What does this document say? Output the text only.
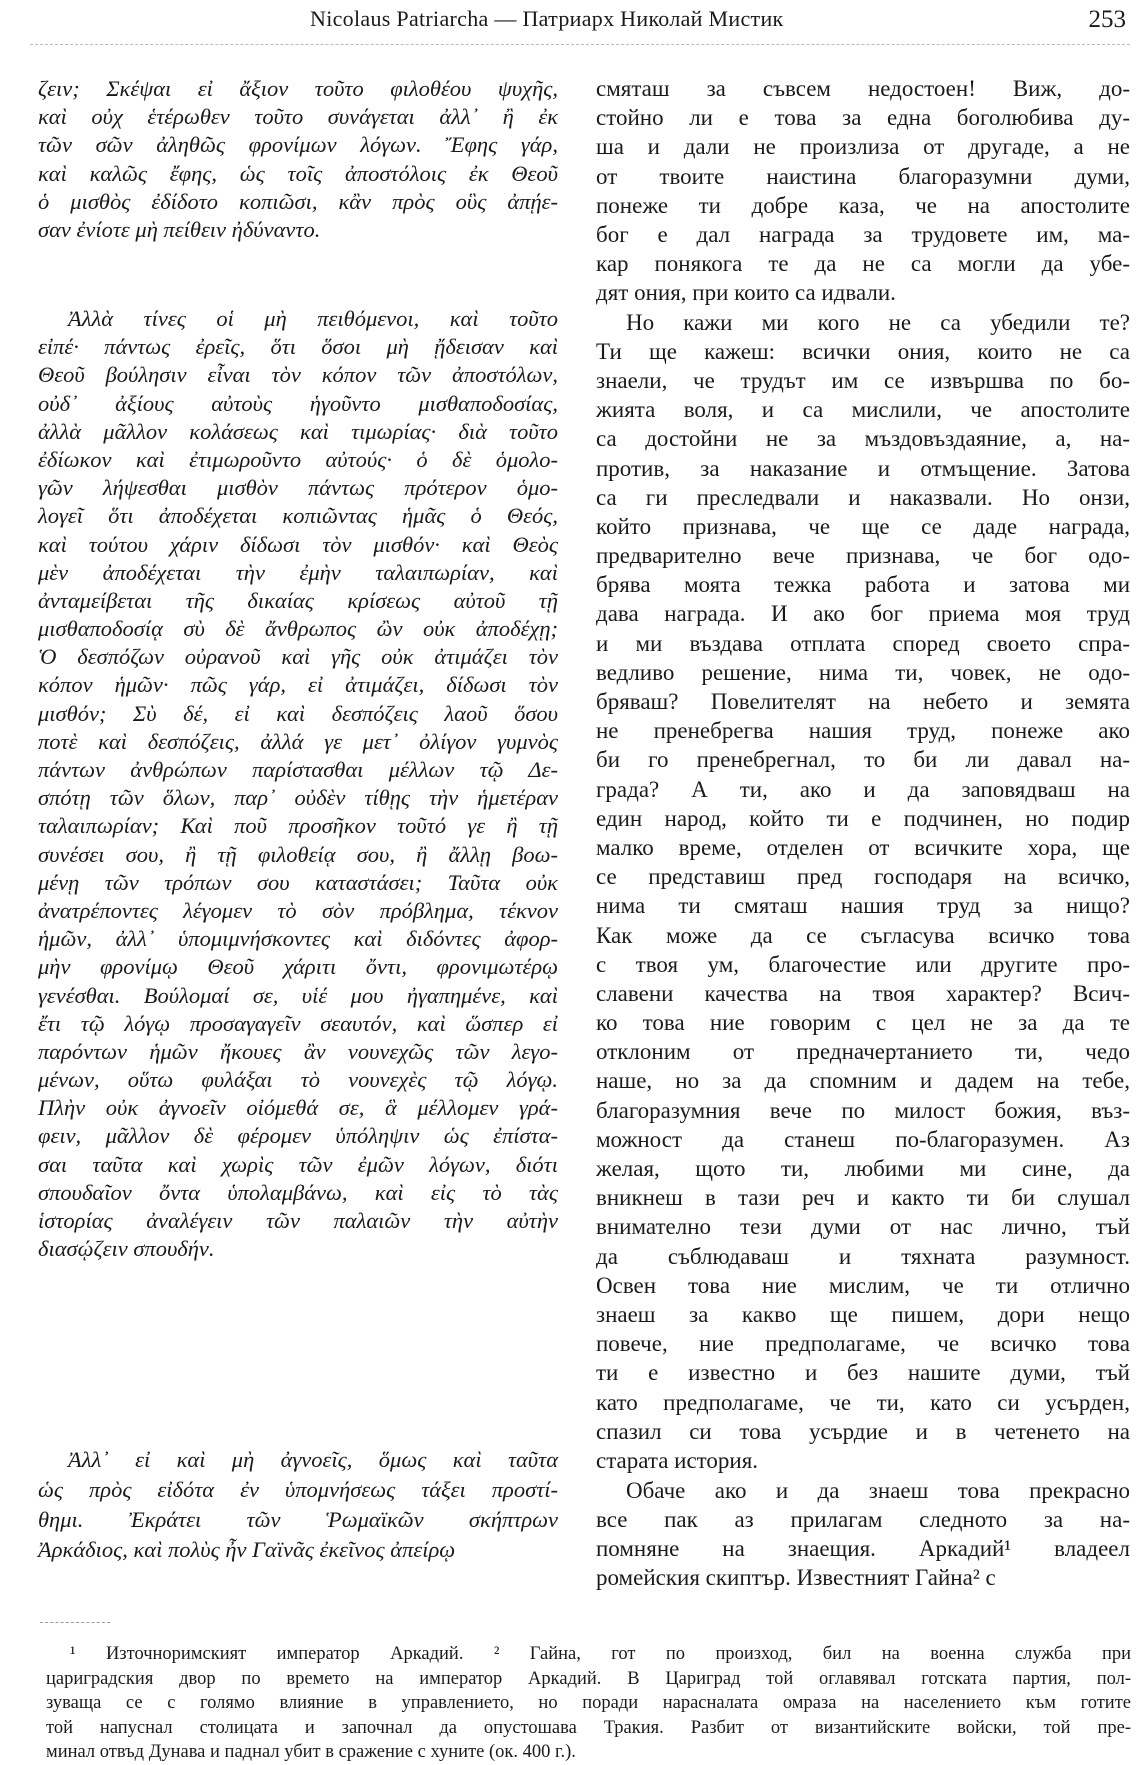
Nicolaus Patriarcha — Патриарх Николай Мистик	253
ζειν; Σκέψαι εἰ ἄξιον τοῦτο φιλοθέου ψυχῆς,
καὶ οὐχ ἑτέρωθεν τοῦτο συνάγεται ἀλλ᾽ ἢ ἐκ
τῶν σῶν ἀληθῶς φρονίμων λόγων. Ἔφης γάρ,
καὶ καλῶς ἔφης, ὡς τοῖς ἀποστόλοις ἐκ Θεοῦ
ὁ μισθὸς ἐδίδοτο κοπιῶσι, κἂν πρὸς οὓς ἀπῄε-
σαν ἐνίοτε μὴ πείθειν ἠδύναντο.
Ἀλλὰ τίνες οἱ μὴ πειθόμενοι, καὶ τοῦτο
εἰπέ· πάντως ἐρεῖς, ὅτι ὅσοι μὴ ᾔδεισαν καὶ
Θεοῦ βούλησιν εἶναι τὸν κόπον τῶν ἀποστόλων,
οὐδ᾽ ἀξίους αὐτοὺς ἡγοῦντο μισθαποδοσίας,
ἀλλὰ μᾶλλον κολάσεως καὶ τιμωρίας· διὰ τοῦτο
ἐδίωκον καὶ ἐτιμωροῦντο αὐτούς· ὁ δὲ ὁμολο-
γῶν λήψεσθαι μισθὸν πάντως πρότερον ὁμο-
λογεῖ ὅτι ἀποδέχεται κοπιῶντας ἡμᾶς ὁ Θεός,
καὶ τούτου χάριν δίδωσι τὸν μισθόν· καὶ Θεὸς
μὲν ἀποδέχεται τὴν ἐμὴν ταλαιπωρίαν, καὶ
ἀνταμείβεται τῆς δικαίας κρίσεως αὐτοῦ τῇ
μισθαποδοσίᾳ σὺ δὲ ἄνθρωπος ὢν οὐκ ἀποδέχῃ;
Ὁ δεσπόζων οὐρανοῦ καὶ γῆς οὐκ ἀτιμάζει τὸν
κόπον ἡμῶν· πῶς γάρ, εἰ ἀτιμάζει, δίδωσι τὸν
μισθόν; Σὺ δέ, εἰ καὶ δεσπόζεις λαοῦ ὅσου
ποτὲ καὶ δεσπόζεις, ἀλλά γε μετ᾽ ὀλίγον γυμνὸς
πάντων ἀνθρώπων παρίστασθαι μέλλων τῷ Δε-
σπότῃ τῶν ὅλων, παρ᾽ οὐδὲν τίθῃς τὴν ἡμετέραν
ταλαιπωρίαν; Καὶ ποῦ προσῆκον τοῦτό γε ἢ τῇ
συνέσει σου, ἢ τῇ φιλοθείᾳ σου, ἢ ἄλλῃ βοω-
μένῃ τῶν τρόπων σου καταστάσει; Ταῦτα οὐκ
ἀνατρέποντες λέγομεν τὸ σὸν πρόβλημα, τέκνον
ἡμῶν, ἀλλ᾽ ὑπομιμνήσκοντες καὶ διδόντες ἀφορ-
μὴν φρονίμῳ Θεοῦ χάριτι ὄντι, φρονιμωτέρῳ
γενέσθαι. Βούλομαί σε, υἱέ μου ἠγαπημένε, καὶ
ἔτι τῷ λόγῳ προσαγαγεῖν σεαυτόν, καὶ ὥσπερ εἰ
παρόντων ἡμῶν ἤκουες ἂν νουνεχῶς τῶν λεγο-
μένων, οὕτω φυλάξαι τὸ νουνεχὲς τῷ λόγῳ.
Πλὴν οὐκ ἀγνοεῖν οἰόμεθά σε, ἃ μέλλομεν γρά-
φειν, μᾶλλον δὲ φέρομεν ὑπόληψιν ὡς ἐπίστα-
σαι ταῦτα καὶ χωρὶς τῶν ἐμῶν λόγων, διότι
σπουδαῖον ὄντα ὑπολαμβάνω, καὶ εἰς τὸ τὰς
ἱστορίας ἀναλέγειν τῶν παλαιῶν τὴν αὐτὴν
διασῴζειν σπουδήν.
Ἀλλ᾽ εἰ καὶ μὴ ἀγνοεῖς, ὅμως καὶ ταῦτα
ὡς πρὸς εἰδότα ἐν ὑπομνήσεως τάξει προστί-
θημι. Ἐκράτει τῶν Ῥωμαϊκῶν σκήπτρων
Ἀρκάδιος, καὶ πολὺς ἦν Γαϊνᾶς ἐκεῖνος ἀπείρῳ
смяташ за съвсем недостоен! Виж, до-
стойно ли е това за една боголюбива ду-
ша и дали не произлиза от другаде, а не
от твоите наистина благоразумни думи,
понеже ти добре каза, че на апостолите
бог е дал награда за трудовете им, ма-
кар понякога те да не са могли да убе-
дят ония, при които са идвали.
Но кажи ми кого не са убедили те?
Ти ще кажеш: всички ония, които не са
знаели, че трудът им се извършва по бо-
жията воля, и са мислили, че апостолите
са достойни не за мъздовъздаяние, а, на-
против, за наказание и отмъщение. Затова
са ги преследвали и наказвали. Но онзи,
който признава, че ще се даде награда,
предварително вече признава, че бог одо-
брява моята тежка работа и затова ми
дава награда. И ако бог приема моя труд
и ми въздава отплата според своето спра-
ведливо решение, нима ти, човек, не одо-
бряваш? Повелителят на небето и земята
не пренебрегва нашия труд, понеже ако
би го пренебрегнал, то би ли давал на-
града? А ти, ако и да заповядваш на
един народ, който ти е подчинен, но подир
малко време, отделен от всичките хора, ще
се представиш пред господаря на всичко,
нима ти смяташ нашия труд за нищо?
Как може да се съгласува всичко това
с твоя ум, благочестие или другите про-
славени качества на твоя характер? Всич-
ко това ние говорим с цел не за да те
отклоним от предначертанието ти, чедо
наше, но за да спомним и дадем на тебе,
благоразумния вече по милост божия, въз-
можност да станеш по-благоразумен. Аз
желая, щото ти, любими ми сине, да
вникнеш в тази реч и както ти би слушал
внимателно тези думи от нас лично, тъй
да съблюдаваш и тяхната разумност.
Освен това ние мислим, че ти отлично
знаеш за какво ще пишем, дори нещо
повече, ние предполагаме, че всичко това
ти е известно и без нашите думи, тъй
като предполагаме, че ти, като си усърден,
спазил си това усърдие и в четенето на
старата история.
Обаче ако и да знаеш това прекрасно
все пак аз прилагам следното за на-
помняне на знаещия. Аркадий¹ владеел
ромейския скиптър. Известният Гайна² с
¹ Източноримският император Аркадий. ² Гайна, гот по произход, бил на военна служба при
цариградския двор по времето на император Аркадий. В Цариград той оглавявал готската партия, пол-
зуваща се с голямо влияние в управлението, но поради нарасналата омраза на населението към готите
той напуснал столицата и започнал да опустошава Тракия. Разбит от византийските войски, той пре-
минал отвъд Дунава и паднал убит в сражение с хуните (ок. 400 г.).
